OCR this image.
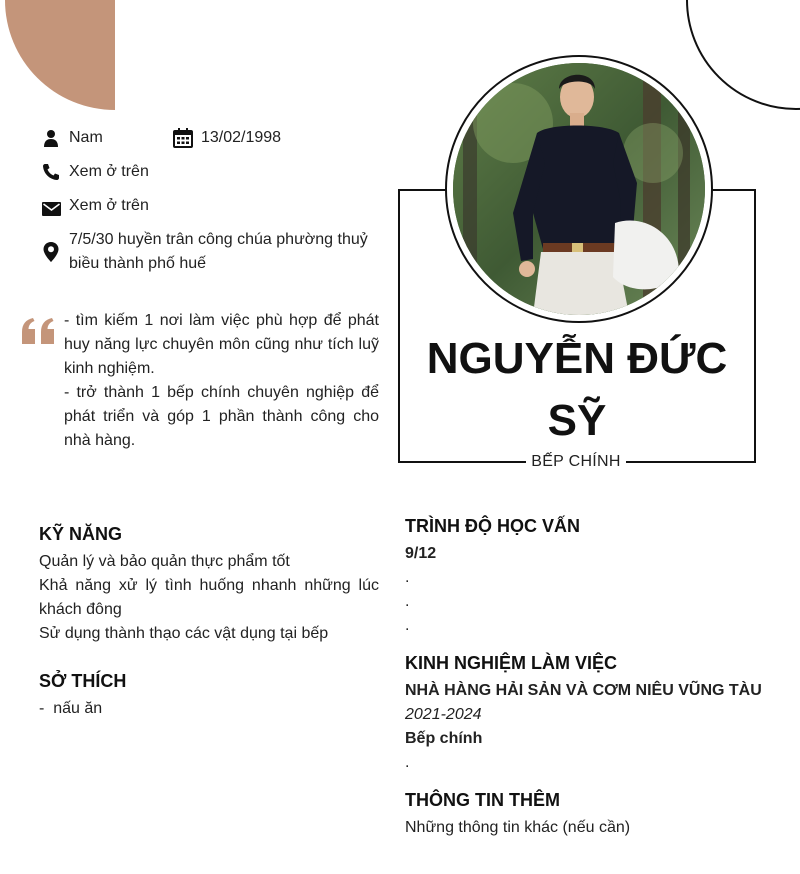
Nam	13/02/1998
Xem ở trên
Xem ở trên
7/5/30 huyền trân công chúa phường thuỷ biều thành phố huế
- tìm kiếm 1 nơi làm việc phù hợp để phát huy năng lực chuyên môn cũng như tích luỹ kinh nghiệm.
- trở thành 1 bếp chính chuyên nghiệp để phát triển và góp 1 phần thành công cho nhà hàng.
NGUYỄN ĐỨC SỸ
BẾP CHÍNH
KỸ NĂNG
Quản lý và bảo quản thực phẩm tốt
Khả năng xử lý tình huống nhanh những lúc khách đông
Sử dụng thành thạo các vật dụng tại bếp
SỞ THÍCH
-  nấu ăn
TRÌNH ĐỘ HỌC VẤN
9/12
.
.
.
KINH NGHIỆM LÀM VIỆC
NHÀ HÀNG HẢI SẢN VÀ CƠM NIÊU VŨNG TÀU
2021-2024
Bếp chính
.
THÔNG TIN THÊM
Những thông tin khác (nếu cần)
